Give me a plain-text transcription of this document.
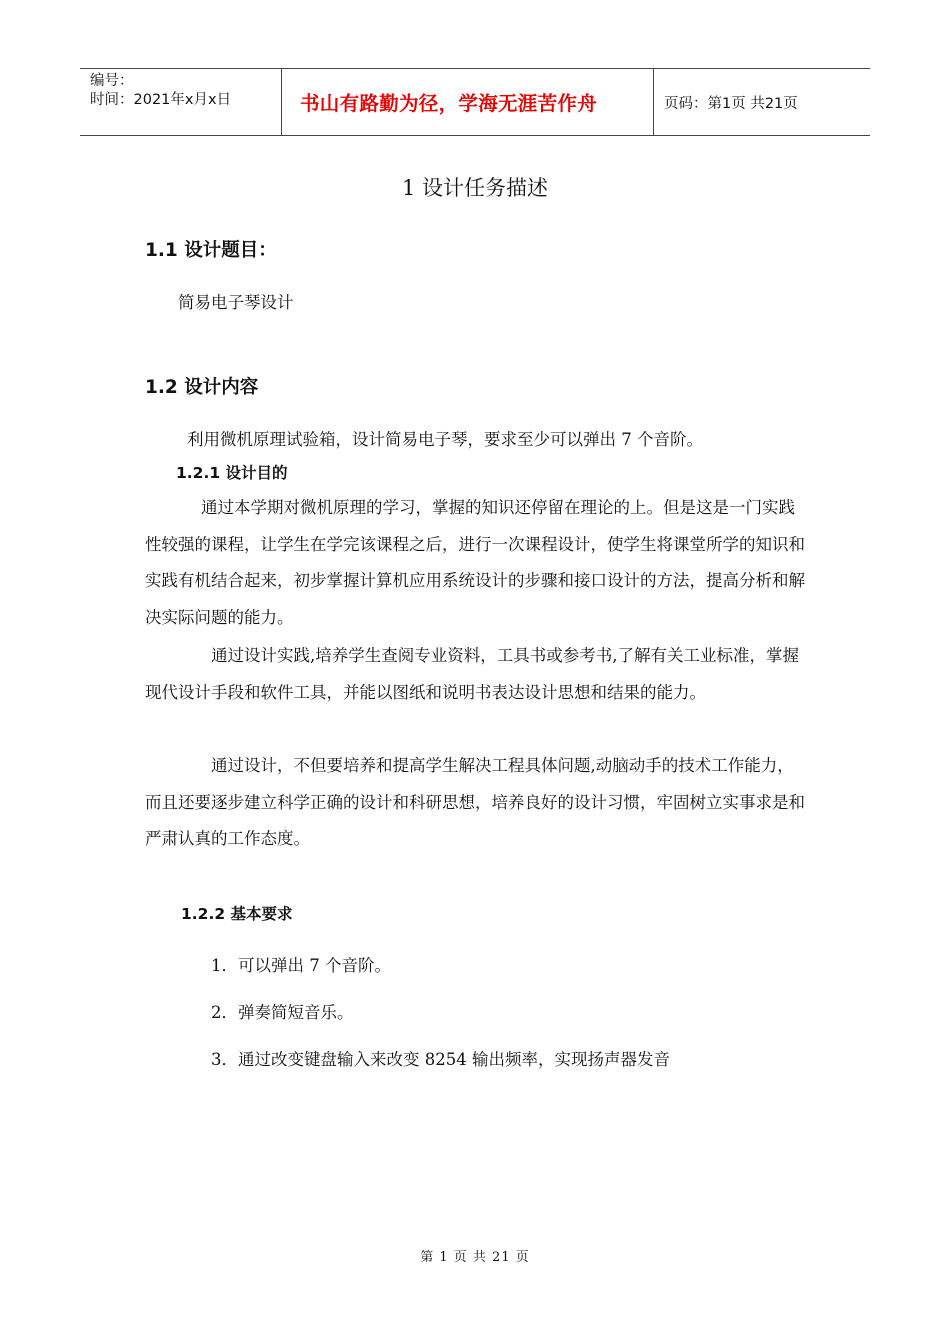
编号：
时间：2021年x月x日	书山有路勤为径，学海无涯苦作舟	页码：第1页 共21页
1 设计任务描述
1.1 设计题目：
简易电子琴设计
1.2 设计内容
利用微机原理试验箱，设计简易电子琴，要求至少可以弹出 7 个音阶。
1.2.1 设计目的

通过本学期对微机原理的学习，掌握的知识还停留在理论的上。但是这是一门实践性较强的课程，让学生在学完该课程之后，进行一次课程设计，使学生将课堂所学的知识和实践有机结合起来，初步掌握计算机应用系统设计的步骤和接口设计的方法，提高分析和解决实际问题的能力。

通过设计实践,培养学生查阅专业资料，工具书或参考书,了解有关工业标准，掌握现代设计手段和软件工具，并能以图纸和说明书表达设计思想和结果的能力。

通过设计，不但要培养和提高学生解决工程具体问题,动脑动手的技术工作能力，而且还要逐步建立科学正确的设计和科研思想，培养良好的设计习惯，牢固树立实事求是和严肃认真的工作态度。

1.2.2 基本要求
1．可以弹出 7 个音阶。
2．弹奏简短音乐。
3．通过改变键盘输入来改变 8254 输出频率，实现扬声器发音
第 1 页 共 21 页
